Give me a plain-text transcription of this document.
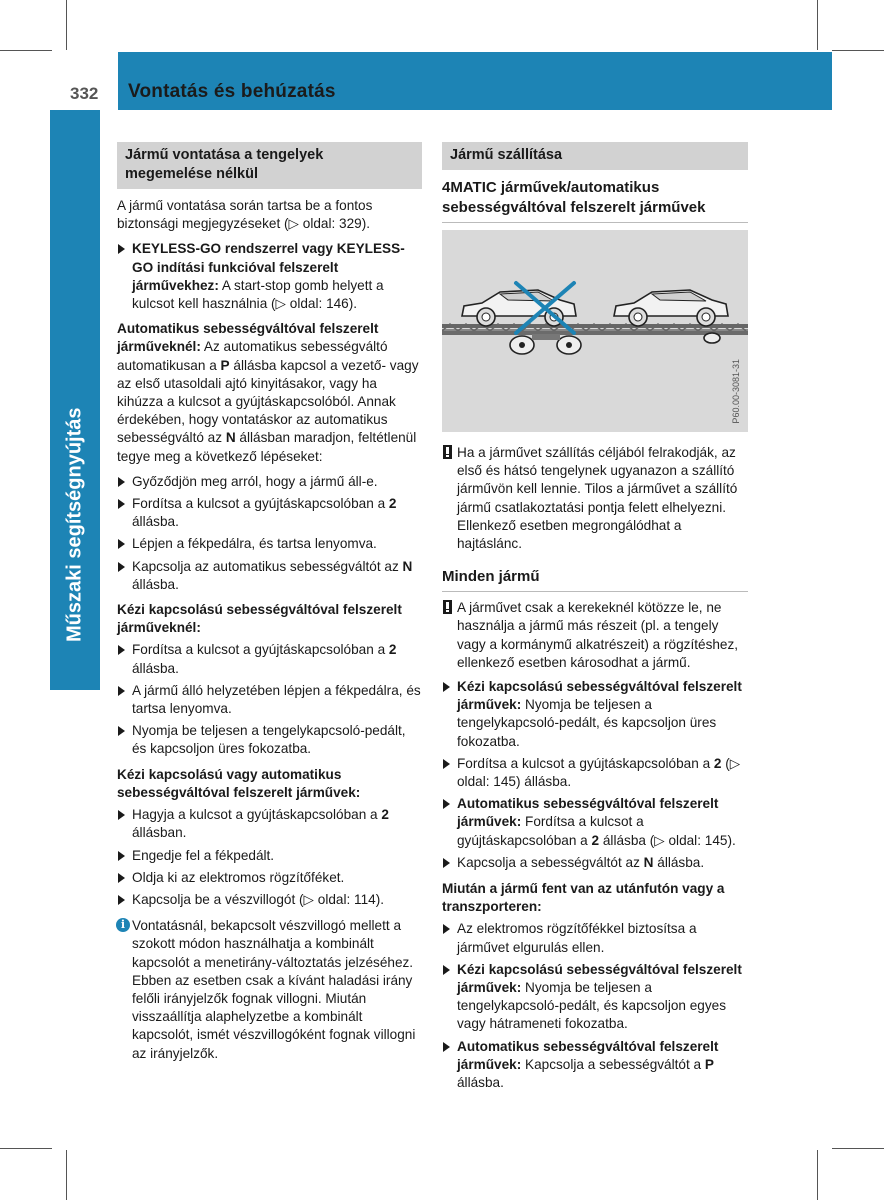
332	Vontatás és behúzatás
Műszaki segítségnyújtás
Jármű vontatása a tengelyek megemelése nélkül

A jármű vontatása során tartsa be a fontos biztonsági megjegyzéseket (▷ oldal: 329).

KEYLESS-GO rendszerrel vagy KEYLESS-GO indítási funkcióval felszerelt járművekhez: A start-stop gomb helyett a kulcsot kell használnia (▷ oldal: 146).

Automatikus sebességváltóval felszerelt járműveknél: Az automatikus sebességváltó automatikusan a P állásba kapcsol a vezető- vagy az első utasoldali ajtó kinyitásakor, vagy ha kihúzza a kulcsot a gyújtáskapcsolóból. Annak érdekében, hogy vontatáskor az automatikus sebességváltó az N állásban maradjon, feltétlenül tegye meg a következő lépéseket:

Győződjön meg arról, hogy a jármű áll-e.
Fordítsa a kulcsot a gyújtáskapcsolóban a 2 állásba.
Lépjen a fékpedálra, és tartsa lenyomva.
Kapcsolja az automatikus sebességváltót az N állásba.
Kézi kapcsolású sebességváltóval felszerelt járműveknél:
Fordítsa a kulcsot a gyújtáskapcsolóban a 2 állásba.
A jármű álló helyzetében lépjen a fékpedálra, és tartsa lenyomva.
Nyomja be teljesen a tengelykapcsoló-pedált, és kapcsoljon üres fokozatba.
Kézi kapcsolású vagy automatikus sebességváltóval felszerelt járművek:
Hagyja a kulcsot a gyújtáskapcsolóban a 2 állásban.
Engedje fel a fékpedált.
Oldja ki az elektromos rögzítőféket.
Kapcsolja be a vészvillogót (▷ oldal: 114).
i Vontatásnál, bekapcsolt vészvillogó mellett a szokott módon használhatja a kombinált kapcsolót a menetirány-változtatás jelzéséhez. Ebben az esetben csak a kívánt haladási irány felőli irányjelzők fognak villogni. Miután visszaállítja alaphelyzetbe a kombinált kapcsolót, ismét vészvillogóként fognak villogni az irányjelzők.
Jármű szállítása
4MATIC járművek/automatikus sebességváltóval felszerelt járművek
P60.00-3081-31
Ha a járművet szállítás céljából felrakodják, az első és hátsó tengelynek ugyanazon a szállító járművön kell lennie. Tilos a járművet a szállító jármű csatlakoztatási pontja felett elhelyezni. Ellenkező esetben megrongálódhat a hajtáslánc.
Minden jármű
A járművet csak a kerekeknél kötözze le, ne használja a jármű más részeit (pl. a tengely vagy a kormánymű alkatrészeit) a rögzítéshez, ellenkező esetben károsodhat a jármű.
Kézi kapcsolású sebességváltóval felszerelt járművek: Nyomja be teljesen a tengelykapcsoló-pedált, és kapcsoljon üres fokozatba.
Fordítsa a kulcsot a gyújtáskapcsolóban a 2 (▷ oldal: 145) állásba.
Automatikus sebességváltóval felszerelt járművek: Fordítsa a kulcsot a gyújtáskapcsolóban a 2 állásba (▷ oldal: 145).
Kapcsolja a sebességváltót az N állásba.
Miután a jármű fent van az utánfutón vagy a transzporteren:
Az elektromos rögzítőfékkel biztosítsa a járművet elgurulás ellen.
Kézi kapcsolású sebességváltóval felszerelt járművek: Nyomja be teljesen a tengelykapcsoló-pedált, és kapcsoljon egyes vagy hátrameneti fokozatba.
Automatikus sebességváltóval felszerelt járművek: Kapcsolja a sebességváltót a P állásba.
